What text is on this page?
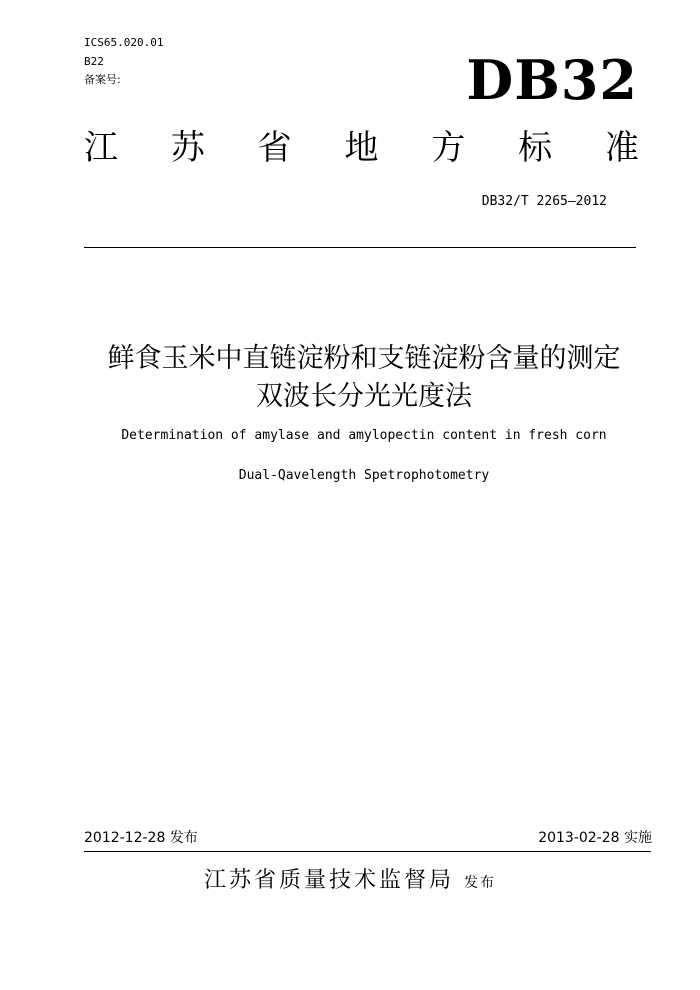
ICS65.020.01
B22
备案号:	DB32
江 苏 省 地 方 标 准
DB32/T 2265—2012
鲜食玉米中直链淀粉和支链淀粉含量的测定
双波长分光光度法
Determination of amylase and amylopectin content in fresh corn
Dual-Qavelength Spetrophotometry
2012-12-28 发布	2013-02-28 实施
江苏省质量技术监督局 发布
